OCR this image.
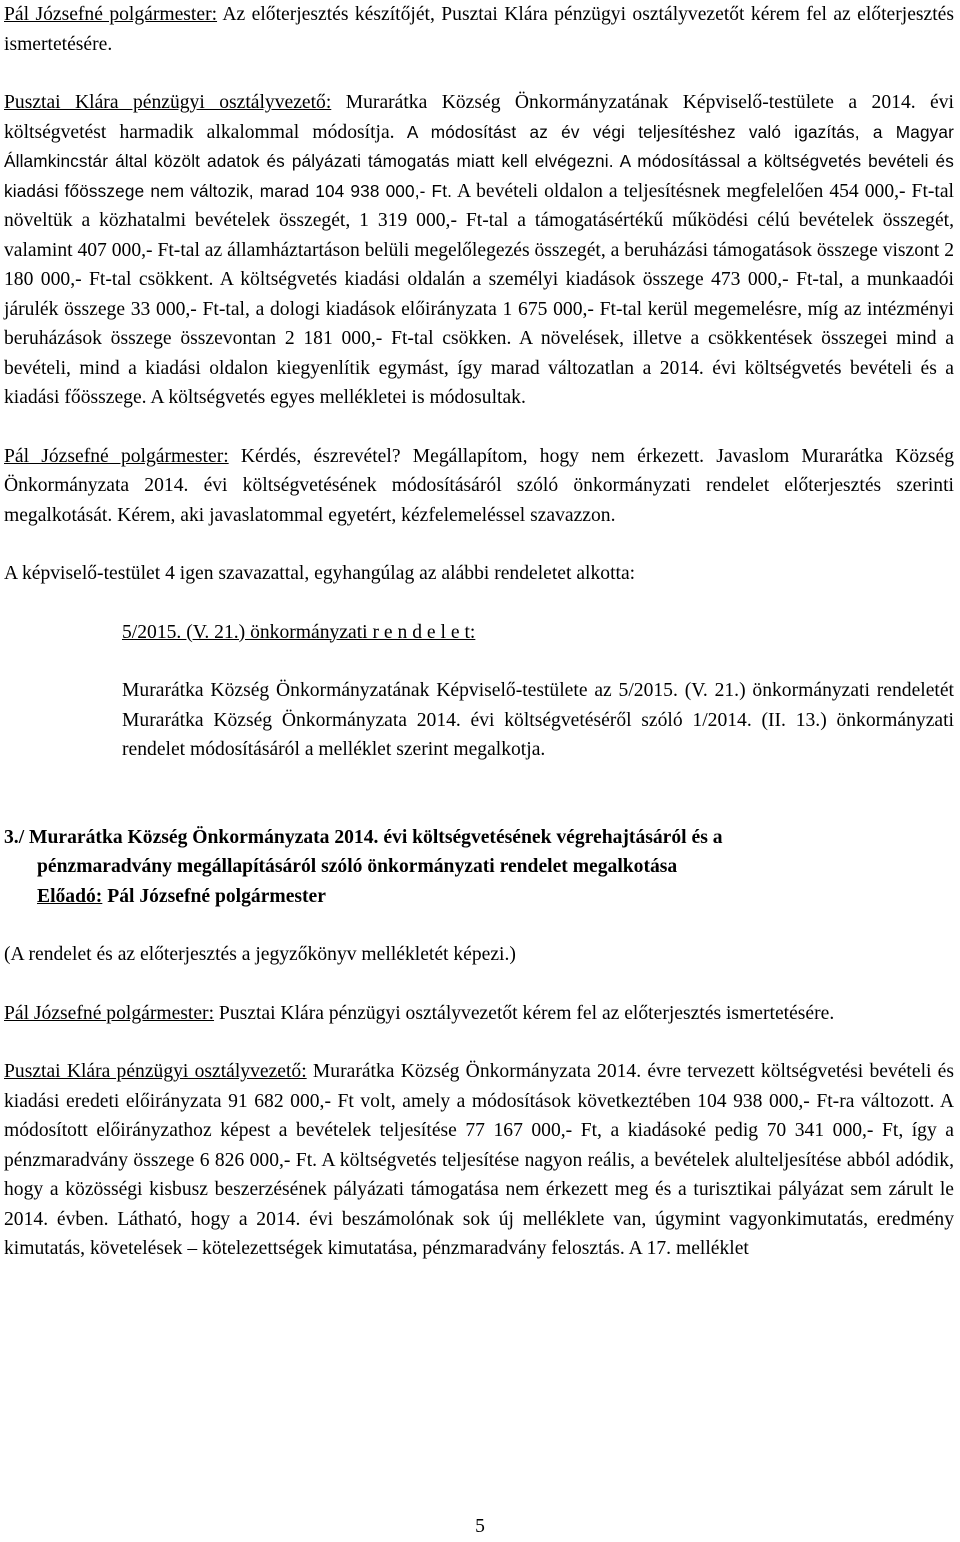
Pál Józsefné polgármester: Az előterjesztés készítőjét, Pusztai Klára pénzügyi osztályvezetőt kérem fel az előterjesztés ismertetésére.

Pusztai Klára pénzügyi osztályvezető: Murarátka Község Önkormányzatának Képviselő-testülete a 2014. évi költségvetést harmadik alkalommal módosítja. A módosítást az év végi teljesítéshez való igazítás, a Magyar Államkincstár által közölt adatok és pályázati támogatás miatt kell elvégezni. A módosítással a költségvetés bevételi és kiadási főösszege nem változik, marad 104 938 000,- Ft. A bevételi oldalon a teljesítésnek megfelelően 454 000,- Ft-tal növeltük a közhatalmi bevételek összegét, 1 319 000,- Ft-tal a támogatásértékű működési célú bevételek összegét, valamint 407 000,- Ft-tal az államháztartáson belüli megelőlegezés összegét, a beruházási támogatások összege viszont 2 180 000,- Ft-tal csökkent. A költségvetés kiadási oldalán a személyi kiadások összege 473 000,- Ft-tal, a munkaadói járulék összege 33 000,- Ft-tal, a dologi kiadások előirányzata 1 675 000,- Ft-tal kerül megemelésre, míg az intézményi beruházások összege összevontan 2 181 000,- Ft-tal csökken. A növelések, illetve a csökkentések összegei mind a bevételi, mind a kiadási oldalon kiegyenlítik egymást, így marad változatlan a 2014. évi költségvetés bevételi és a kiadási főösszege. A költségvetés egyes mellékletei is módosultak.

Pál Józsefné polgármester: Kérdés, észrevétel? Megállapítom, hogy nem érkezett. Javaslom Murarátka Község Önkormányzata 2014. évi költségvetésének módosításáról szóló önkormányzati rendelet előterjesztés szerinti megalkotását. Kérem, aki javaslatommal egyetért, kézfelemeléssel szavazzon.

A képviselő-testület 4 igen szavazattal, egyhangúlag az alábbi rendeletet alkotta:

5/2015. (V. 21.) önkormányzati r e n d e l e t:

Murarátka Község Önkormányzatának Képviselő-testülete az 5/2015. (V. 21.) önkormányzati rendeletét Murarátka Község Önkormányzata 2014. évi költségvetéséről szóló 1/2014. (II. 13.) önkormányzati rendelet módosításáról a melléklet szerint megalkotja.

3./ Murarátka Község Önkormányzata 2014. évi költségvetésének végrehajtásáról és a

pénzmaradvány megállapításáról szóló önkormányzati rendelet megalkotása

Előadó: Pál Józsefné polgármester

(A rendelet és az előterjesztés a jegyzőkönyv mellékletét képezi.)

Pál Józsefné polgármester: Pusztai Klára pénzügyi osztályvezetőt kérem fel az előterjesztés ismertetésére.

Pusztai Klára pénzügyi osztályvezető: Murarátka Község Önkormányzata 2014. évre tervezett költségvetési bevételi és kiadási eredeti előirányzata 91 682 000,- Ft volt, amely a módosítások következtében 104 938 000,- Ft-ra változott. A módosított előirányzathoz képest a bevételek teljesítése 77 167 000,- Ft, a kiadásoké pedig 70 341 000,- Ft, így a pénzmaradvány összege 6 826 000,- Ft. A költségvetés teljesítése nagyon reális, a bevételek alulteljesítése abból adódik, hogy a közösségi kisbusz beszerzésének pályázati támogatása nem érkezett meg és a turisztikai pályázat sem zárult le 2014. évben. Látható, hogy a 2014. évi beszámolónak sok új melléklete van, úgymint vagyonkimutatás, eredmény kimutatás, követelések – kötelezettségek kimutatása, pénzmaradvány felosztás. A 17. melléklet

5
